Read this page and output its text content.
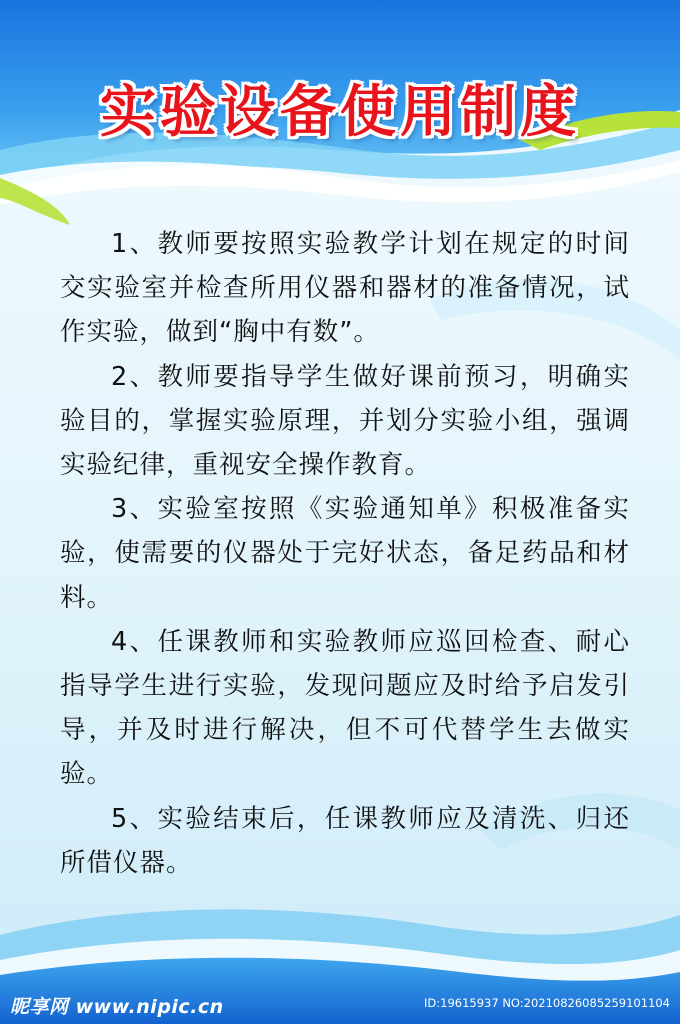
实验设备使用制度

1、教师要按照实验教学计划在规定的时间交实验室并检查所用仪器和器材的准备情况，试作实验，做到“胸中有数”。

2、教师要指导学生做好课前预习，明确实验目的，掌握实验原理，并划分实验小组，强调实验纪律，重视安全操作教育。

3、实验室按照《实验通知单》积极准备实验，使需要的仪器处于完好状态，备足药品和材料。

4、任课教师和实验教师应巡回检查、耐心指导学生进行实验，发现问题应及时给予启发引导，并及时进行解决，但不可代替学生去做实验。

5、实验结束后，任课教师应及清洗、归还所借仪器。

昵享网 www.nipic.cn	ID:19615937 NO:20210826085259101104
